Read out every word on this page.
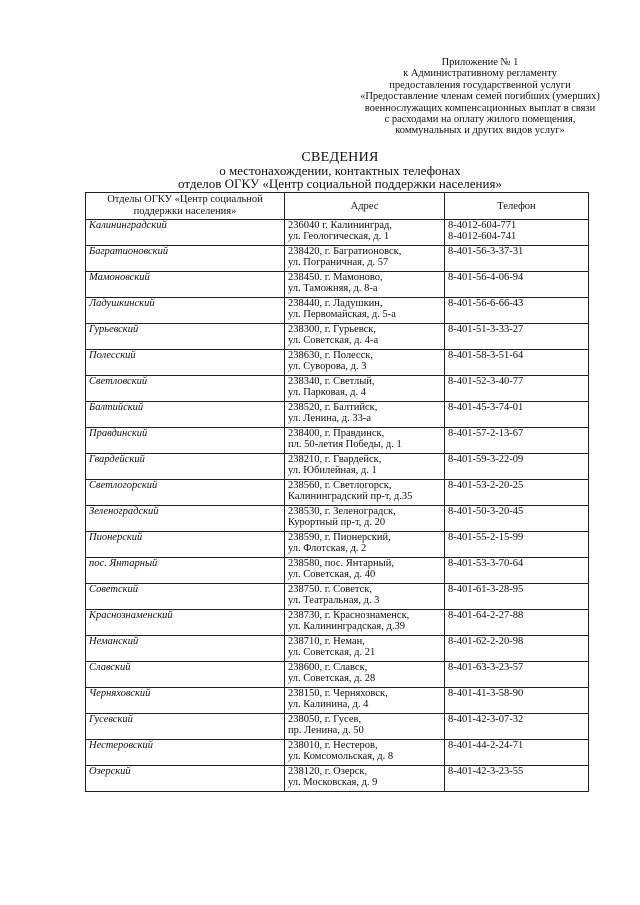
Приложение № 1
к Административному регламенту
предоставления государственной услуги
«Предоставление членам семей погибших (умерших)
военнослужащих компенсационных выплат в связи
с расходами на оплату жилого помещения,
коммунальных и других видов услуг»
СВЕДЕНИЯ
о местонахождении, контактных телефонах
отделов ОГКУ «Центр социальной поддержки населения»
Отделы ОГКУ «Центр социальной поддержки населения»	Адрес	Телефон
Калининградский	236040 г. Калининград,
ул. Геологическая, д. 1	8-4012-604-771
8-4012-604-741

Багратионовский	238420, г. Багратионовск,
ул. Пограничная, д. 57	8-401-56-3-37-31

Мамоновский	238450. г. Мамоново,
ул. Таможняя, д. 8-а	8-401-56-4-06-94

Ладушкинский	238440, г. Ладушкин,
ул. Первомайская, д. 5-а	8-401-56-6-66-43

Гурьевский	238300, г. Гурьевск,
ул. Советская, д. 4-а	8-401-51-3-33-27

Полесский	238630, г. Полесск,
ул. Суворова, д. 3	8-401-58-3-51-64

Светловский	238340, г. Светлый,
ул. Парковая, д. 4	8-401-52-3-40-77

Балтийский	238520, г. Балтийск,
ул. Ленина, д. 33-а	8-401-45-3-74-01

Правдинский	238400, г. Правдинск,
пл. 50-летия Победы, д. 1	8-401-57-2-13-67

Гвардейский	238210, г. Гвардейск,
ул. Юбилейная, д. 1	8-401-59-3-22-09

Светлогорский	238560, г. Светлогорск,
Калининградский пр-т, д.35	8-401-53-2-20-25

Зеленоградский	238530, г. Зеленоградск,
Курортный пр-т, д. 20	8-401-50-3-20-45

Пионерский	238590, г. Пионерский,
ул. Флотская, д. 2	8-401-55-2-15-99

пос. Янтарный	238580, пос. Янтарный,
ул. Советская, д. 40	8-401-53-3-70-64

Советский	238750. г. Советск,
ул. Театральная, д. 3	8-401-61-3-28-95

Краснознаменский	238730, г. Краснознаменск,
ул. Калининградская, д.39	8-401-64-2-27-88

Неманский	238710, г. Неман,
ул. Советская, д. 21	8-401-62-2-20-98

Славский	238600, г. Славск,
ул. Советская, д. 28	8-401-63-3-23-57

Черняховский	238150, г. Черняховск,
ул. Калинина, д. 4	8-401-41-3-58-90

Гусевский	238050, г. Гусев,
пр. Ленина, д. 50	8-401-42-3-07-32

Нестеровский	238010, г. Нестеров,
ул. Комсомольская, д. 8	8-401-44-2-24-71

Озерский	238120, г. Озерск,
ул. Московская, д. 9	8-401-42-3-23-55
